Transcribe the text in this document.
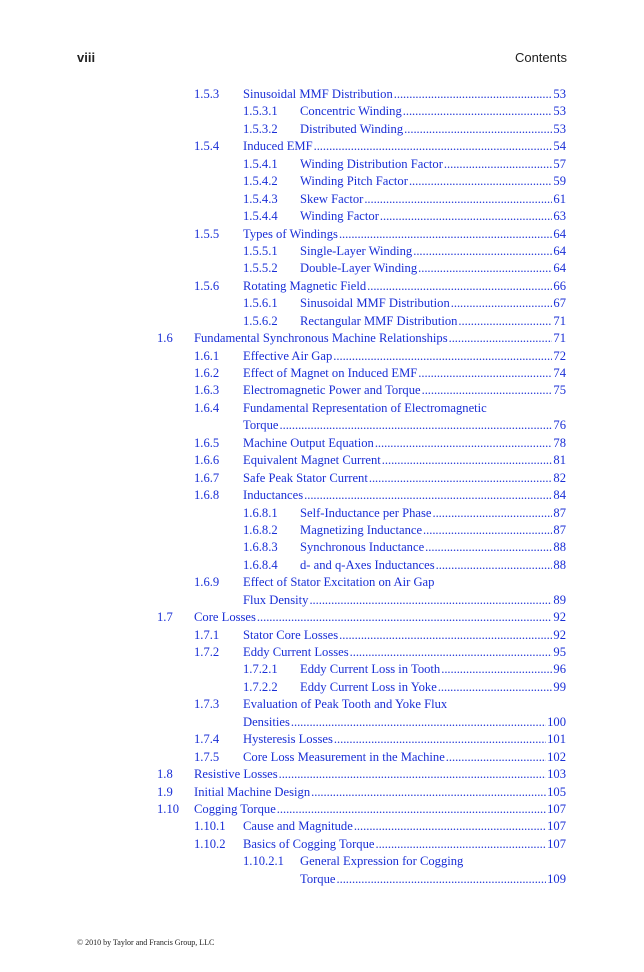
viii	Contents
1.5.3 Sinusoidal MMF Distribution . . .	53
1.5.3.1 Concentric Winding . . .	53
1.5.3.2 Distributed Winding . . .	53
1.5.4 Induced EMF . . .	54
1.5.4.1 Winding Distribution Factor . . .	57
1.5.4.2 Winding Pitch Factor . . .	59
1.5.4.3 Skew Factor . . .	61
1.5.4.4 Winding Factor . . .	63
1.5.5 Types of Windings . . .	64
1.5.5.1 Single-Layer Winding . . .	64
1.5.5.2 Double-Layer Winding . . .	64
1.5.6 Rotating Magnetic Field . . .	66
1.5.6.1 Sinusoidal MMF Distribution . . .	67
1.5.6.2 Rectangular MMF Distribution . . .	71
1.6 Fundamental Synchronous Machine Relationships . . .	71
1.6.1 Effective Air Gap . . .	72
1.6.2 Effect of Magnet on Induced EMF . . .	74
1.6.3 Electromagnetic Power and Torque . . .	75
1.6.4 Fundamental Representation of Electromagnetic
Torque . . .	76
1.6.5 Machine Output Equation . . .	78
1.6.6 Equivalent Magnet Current . . .	81
1.6.7 Safe Peak Stator Current . . .	82
1.6.8 Inductances . . .	84
1.6.8.1 Self-Inductance per Phase . . .	87
1.6.8.2 Magnetizing Inductance . . .	87
1.6.8.3 Synchronous Inductance . . .	88
1.6.8.4 d- and q-Axes Inductances . . .	88
1.6.9 Effect of Stator Excitation on Air Gap
Flux Density . . .	89
1.7 Core Losses . . .	92
1.7.1 Stator Core Losses . . .	92
1.7.2 Eddy Current Losses . . .	95
1.7.2.1 Eddy Current Loss in Tooth . . .	96
1.7.2.2 Eddy Current Loss in Yoke . . .	99
1.7.3 Evaluation of Peak Tooth and Yoke Flux
Densities . . .	100
1.7.4 Hysteresis Losses . . .	101
1.7.5 Core Loss Measurement in the Machine . . .	102
1.8 Resistive Losses . . .	103
1.9 Initial Machine Design . . .	105
1.10 Cogging Torque . . .	107
1.10.1 Cause and Magnitude . . .	107
1.10.2 Basics of Cogging Torque . . .	107
1.10.2.1 General Expression for Cogging
Torque . . .	109
© 2010 by Taylor and Francis Group, LLC
